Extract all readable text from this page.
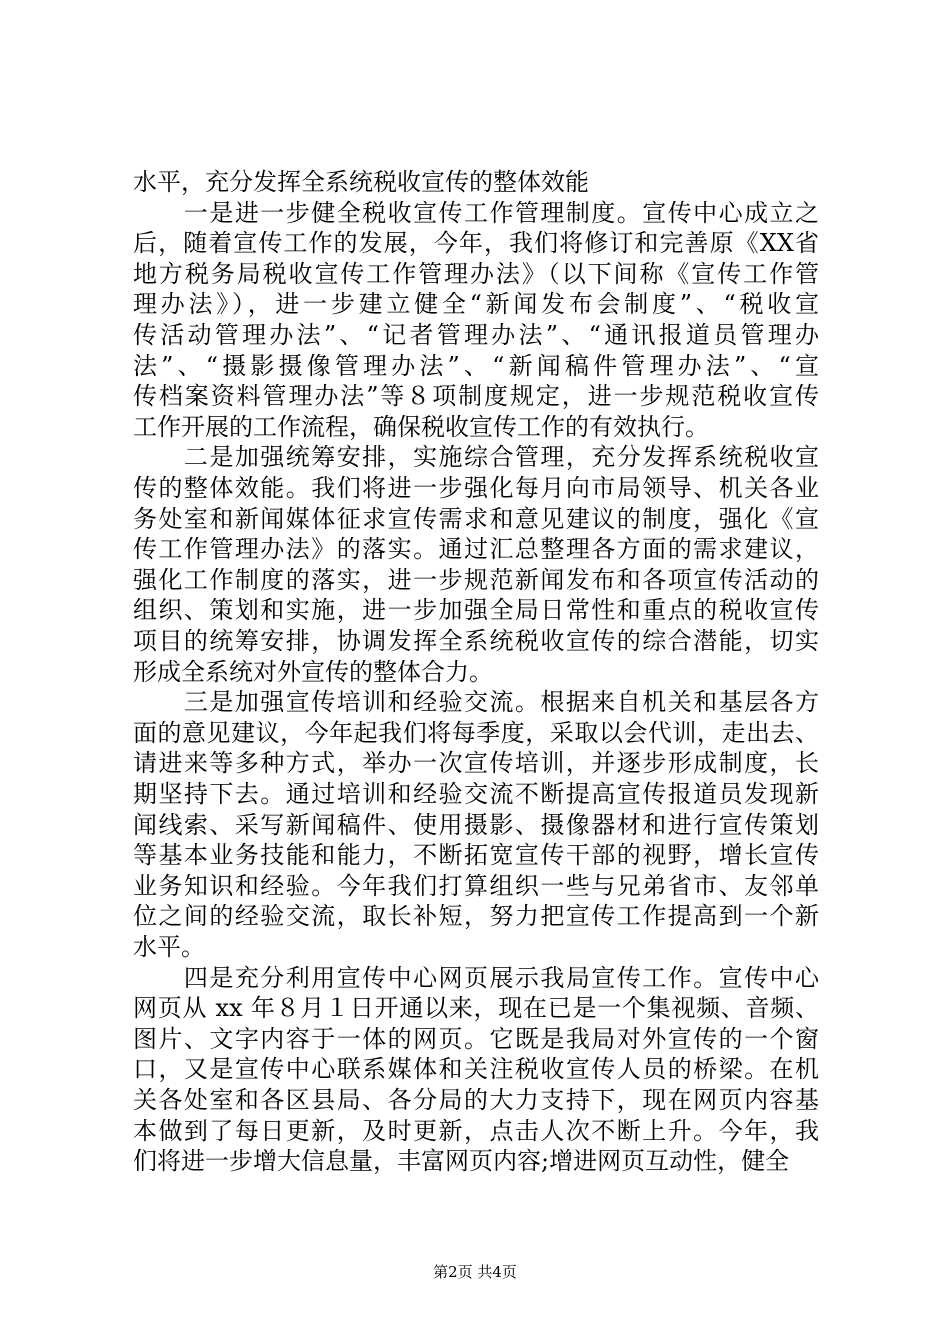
水平，充分发挥全系统税收宣传的整体效能

　　一是进一步健全税收宣传工作管理制度。宣传中心成立之

后，随着宣传工作的发展，今年，我们将修订和完善原《XX省

地方税务局税收宣传工作管理办法》（以下间称《宣传工作管

理办法》），进一步建立健全“新闻发布会制度”、“税收宣

传活动管理办法”、“记者管理办法”、“通讯报道员管理办

法”、“摄影摄像管理办法”、“新闻稿件管理办法”、“宣

传档案资料管理办法”等８项制度规定，进一步规范税收宣传

工作开展的工作流程，确保税收宣传工作的有效执行。

　　二是加强统筹安排，实施综合管理，充分发挥系统税收宣

传的整体效能。我们将进一步强化每月向市局领导、机关各业

务处室和新闻媒体征求宣传需求和意见建议的制度，强化《宣

传工作管理办法》的落实。通过汇总整理各方面的需求建议，

强化工作制度的落实，进一步规范新闻发布和各项宣传活动的

组织、策划和实施，进一步加强全局日常性和重点的税收宣传

项目的统筹安排，协调发挥全系统税收宣传的综合潜能，切实

形成全系统对外宣传的整体合力。

　　三是加强宣传培训和经验交流。根据来自机关和基层各方

面的意见建议，今年起我们将每季度，采取以会代训，走出去、

请进来等多种方式，举办一次宣传培训，并逐步形成制度，长

期坚持下去。通过培训和经验交流不断提高宣传报道员发现新

闻线索、采写新闻稿件、使用摄影、摄像器材和进行宣传策划

等基本业务技能和能力，不断拓宽宣传干部的视野，增长宣传

业务知识和经验。今年我们打算组织一些与兄弟省市、友邻单

位之间的经验交流，取长补短，努力把宣传工作提高到一个新

水平。

　　四是充分利用宣传中心网页展示我局宣传工作。宣传中心

网页从 xx 年８月１日开通以来，现在已是一个集视频、音频、

图片、文字内容于一体的网页。它既是我局对外宣传的一个窗

口，又是宣传中心联系媒体和关注税收宣传人员的桥梁。在机

关各处室和各区县局、各分局的大力支持下，现在网页内容基

本做到了每日更新，及时更新，点击人次不断上升。今年，我

们将进一步增大信息量，丰富网页内容;增进网页互动性，健全

第2页 共4页
